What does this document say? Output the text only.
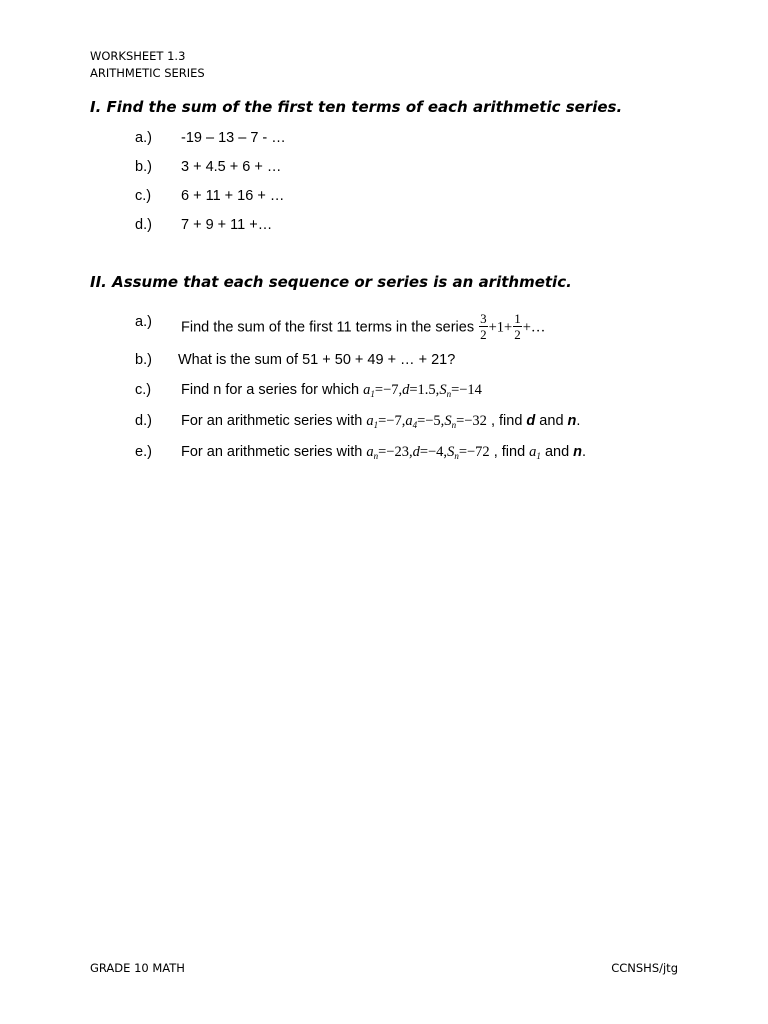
WORKSHEET 1.3
ARITHMETIC SERIES
I. Find the sum of the first ten terms of each arithmetic series.
a.) -19 – 13 – 7 - …
b.) 3 + 4.5 + 6 + …
c.) 6 + 11 + 16 + …
d.) 7 + 9 + 11 +…
II. Assume that each sequence or series is an arithmetic.
a.) Find the sum of the first 11 terms in the series $\frac{3}{2} +1+ \frac{1}{2}$ +…
b.) What is the sum of 51 + 50 + 49 + … + 21?
c.) Find n for a series for which $a_1=-7,d=1.5,S_n=-14$
d.) For an arithmetic series with $a_1=-7,a_4=-5,S_n=-32$ , find d and n.
e.) For an arithmetic series with $a_n=-23,d=-4,S_n=-72$ , find $a_1$ and n.
GRADE 10 MATH	CCNSHS/jtg
